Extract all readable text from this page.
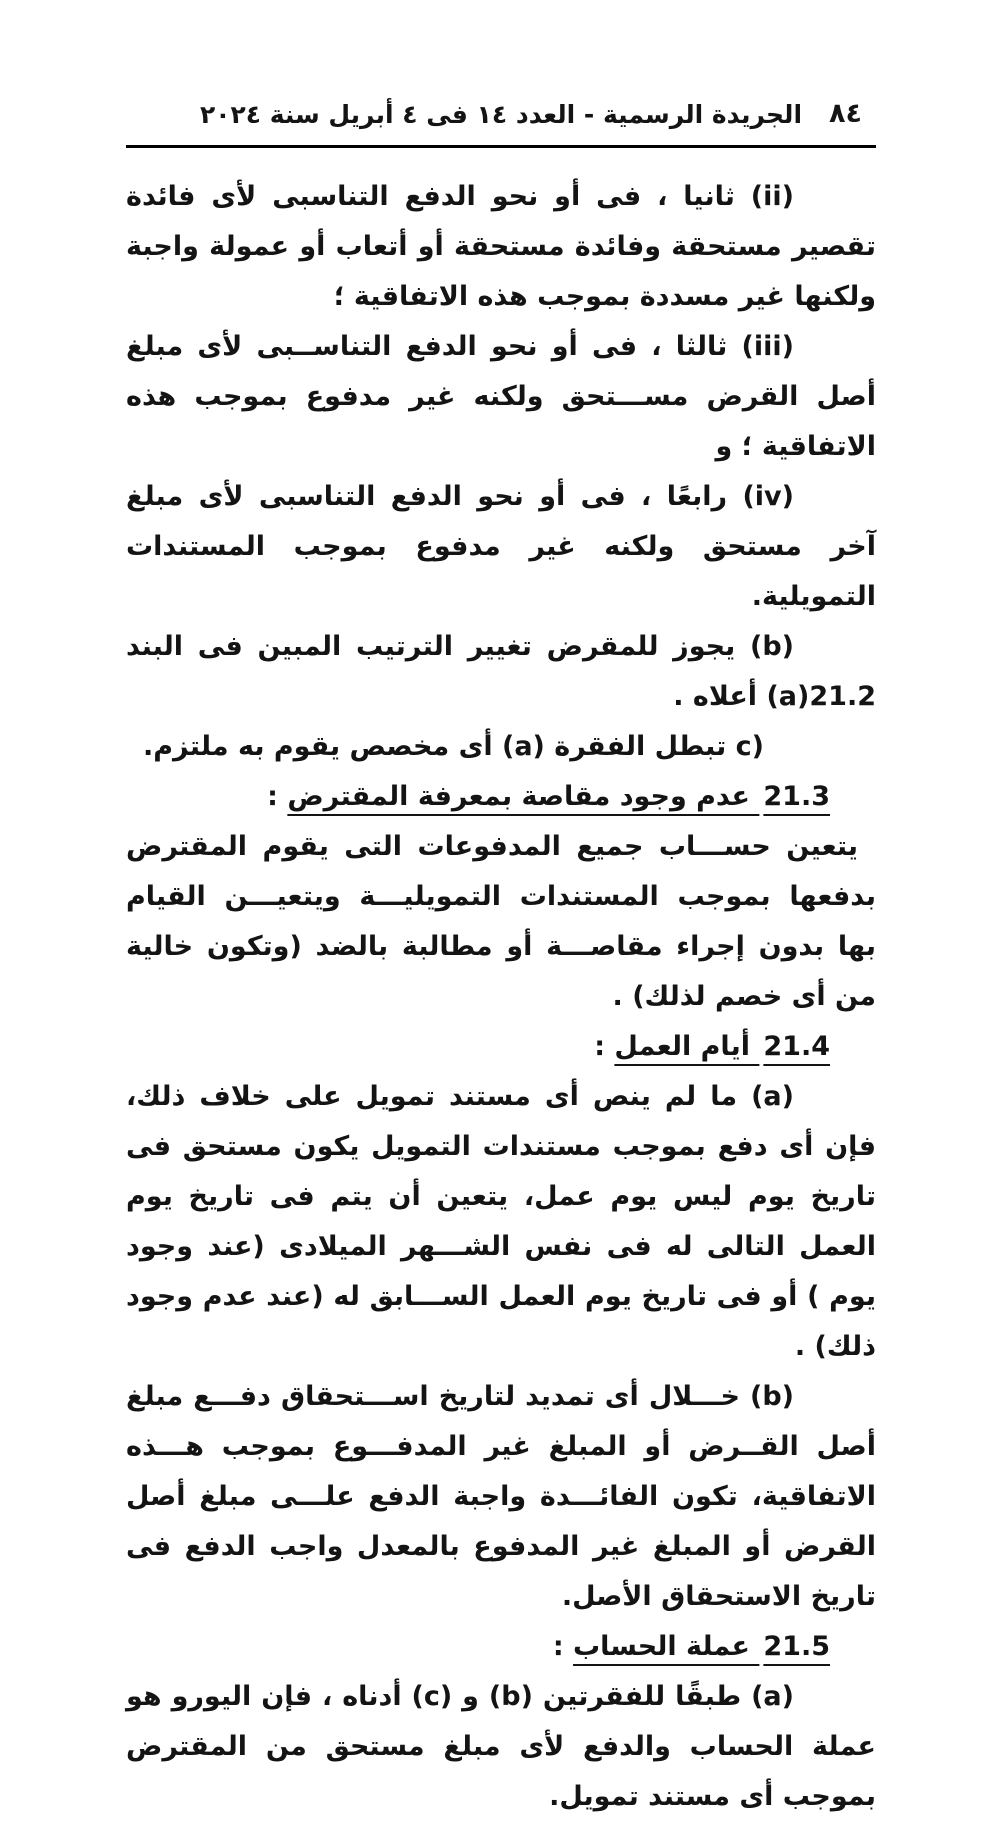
الجريدة الرسمية - العدد ١٤ فى ٤ أبريل سنة ٢٠٢٤	٨٤

(ii) ثانيا ، فى أو نحو الدفع التناسبى لأى فائدة تقصير مستحقة وفائدة مستحقة أو أتعاب أو عمولة واجبة ولكنها غير مسددة بموجب هذه الاتفاقية ؛

(iii) ثالثا ، فى أو نحو الدفع التناســبى لأى مبلغ أصل القرض مســـتحق ولكنه غير مدفوع بموجب هذه الاتفاقية ؛ و

(iv) رابعًا ، فى أو نحو الدفع التناسبى لأى مبلغ آخر مستحق ولكنه غير مدفوع بموجب المستندات التمويلية.

(b) يجوز للمقرض تغيير الترتيب المبين فى البند 21.2(a) أعلاه .

c)‎ تبطل الفقرة (a) أى مخصص يقوم به ملتزم.

21.3 عدم وجود مقاصة بمعرفة المقترض :

يتعين حســـاب جميع المدفوعات التى يقوم المقترض بدفعها بموجب المستندات التمويليـــة ويتعيـــن القيام بها بدون إجراء مقاصـــة أو مطالبة بالضد (وتكون خالية من أى خصم لذلك) .

21.4 أيام العمل :

(a) ما لم ينص أى مستند تمويل على خلاف ذلك، فإن أى دفع بموجب مستندات التمويل يكون مستحق فى تاريخ يوم ليس يوم عمل، يتعين أن يتم فى تاريخ يوم العمل التالى له فى نفس الشـــهر الميلادى (عند وجود يوم ) أو فى تاريخ يوم العمل الســـابق له (عند عدم وجود ذلك) .

(b) خـــلال أى تمديد لتاريخ اســـتحقاق دفـــع مبلغ أصل القــرض أو المبلغ غير المدفـــوع بموجب هـــذه الاتفاقية، تكون الفائـــدة واجبة الدفع علـــى مبلغ أصل القرض أو المبلغ غير المدفوع بالمعدل واجب الدفع فى تاريخ الاستحقاق الأصل.

21.5 عملة الحساب :

(a) طبقًا للفقرتين (b) و (c) أدناه ، فإن اليورو هو عملة الحساب والدفع لأى مبلغ مستحق من المقترض بموجب أى مستند تمويل.
